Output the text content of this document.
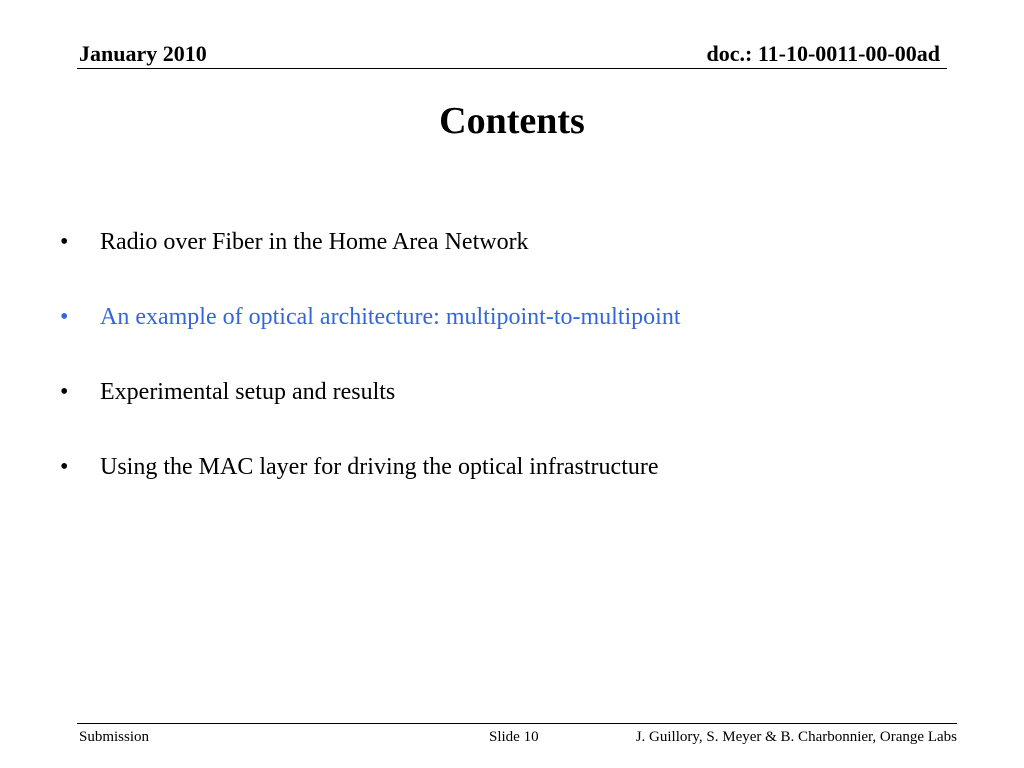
January 2010	doc.: 11-10-0011-00-00ad
Contents
• Radio over Fiber in the Home Area Network
• An example of optical architecture: multipoint-to-multipoint
• Experimental setup and results
• Using the MAC layer for driving the optical infrastructure
Submission	Slide 10	J. Guillory, S. Meyer & B. Charbonnier, Orange Labs
